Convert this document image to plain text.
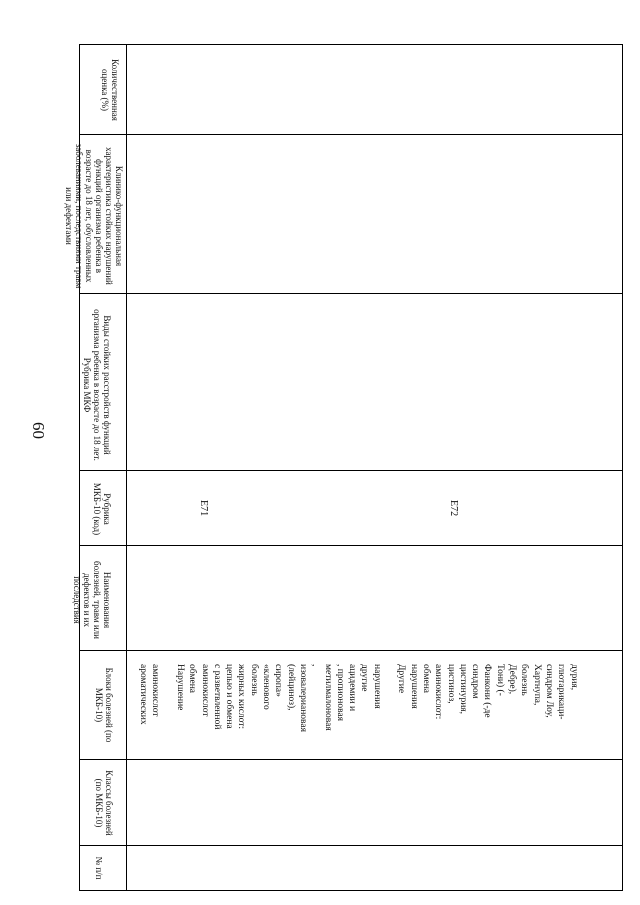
60
Количественная оценка (%)
Клинико-функциональная характеристика стойких нарушений функций организма ребенка в возрасте до 18 лет, обусловленных заболеваниями, последствиями травм или дефектами
Виды стойких расстройств функций организма ребенка в возрасте до 18 лет. Рубрика МКФ
Рубрика МКБ-10 (код)
Наименования болезней, травм или дефектов и их последствия
Блоки болезней (по МКБ-10)
Классы болезней (по МКБ-10)
№ п/п
E71	E72
ароматических аминокислот Нарушение обмена аминокислот с разветвленной цепью и обмена жирных кислот: болезнь «кленового сиропа» (лейциноз), изовалериановая , метилмалоновая , пропионовая ацидемии и другие нарушения Другие нарушения обмена аминокислот: цистиноз, цистинурия, синдром Фанкони (-де Тони) (- Дебре), болезнь Хартнупа, синдром Лоу, глютарикаци- дурия,
